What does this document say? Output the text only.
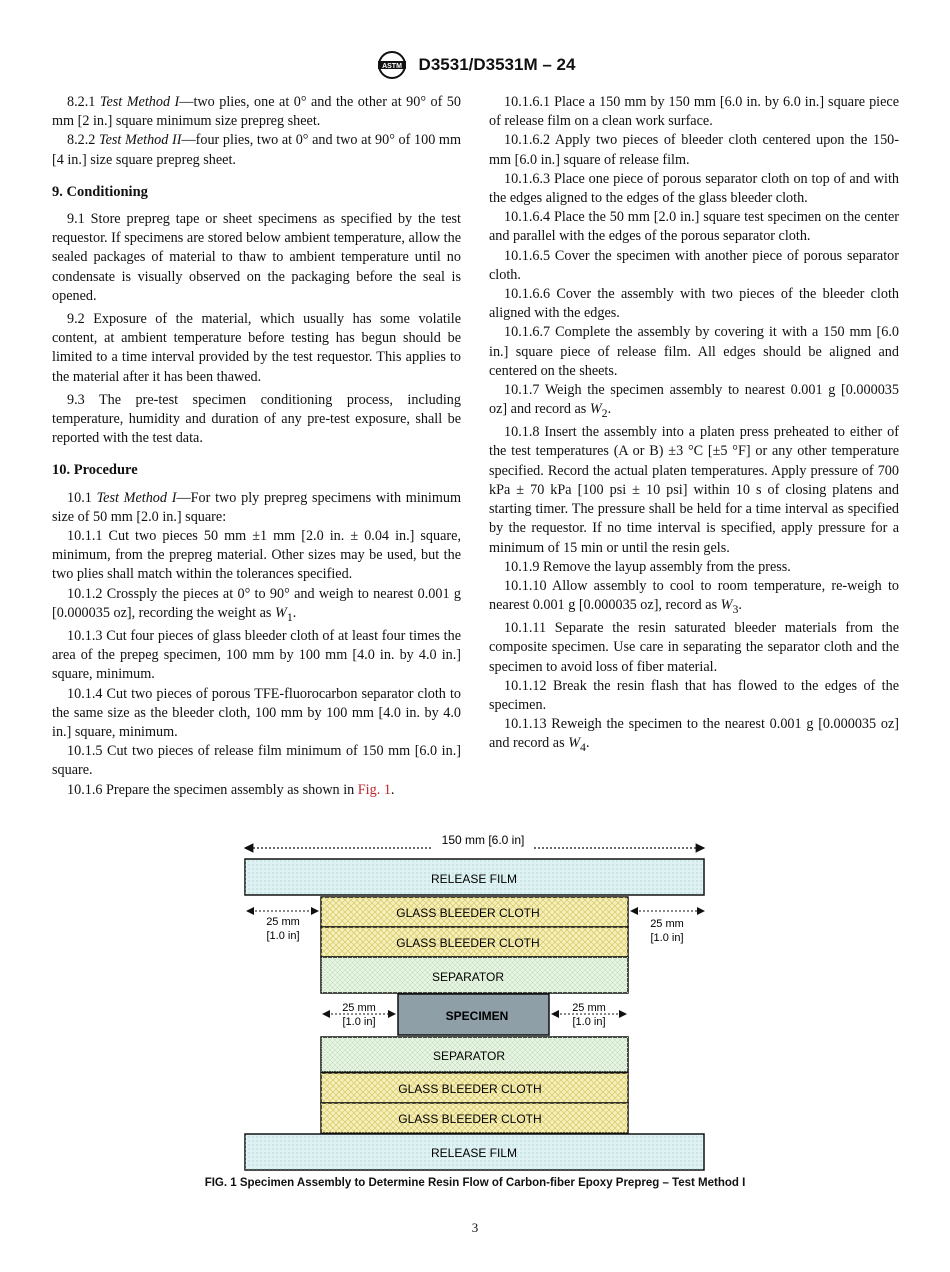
ASTM D3531/D3531M – 24

8.2.1 Test Method I—two plies, one at 0° and the other at 90° of 50 mm [2 in.] square minimum size prepreg sheet.

8.2.2 Test Method II—four plies, two at 0° and two at 90° of 100 mm [4 in.] size square prepreg sheet.

9. Conditioning

9.1 Store prepreg tape or sheet specimens as specified by the test requestor. If specimens are stored below ambient temperature, allow the sealed packages of material to thaw to ambient temperature until no condensate is visually observed on the packaging before the seal is opened.

9.2 Exposure of the material, which usually has some volatile content, at ambient temperature before testing has begun should be limited to a time interval provided by the test requestor. This applies to the material after it has been thawed.

9.3 The pre-test specimen conditioning process, including temperature, humidity and duration of any pre-test exposure, shall be reported with the test data.

10. Procedure

10.1 Test Method I—For two ply prepreg specimens with minimum size of 50 mm [2.0 in.] square:

10.1.1 Cut two pieces 50 mm ±1 mm [2.0 in. ± 0.04 in.] square, minimum, from the prepreg material. Other sizes may be used, but the two plies shall match within the tolerances specified.

10.1.2 Crossply the pieces at 0° to 90° and weigh to nearest 0.001 g [0.000035 oz], recording the weight as $W_1$.

10.1.3 Cut four pieces of glass bleeder cloth of at least four times the area of the prepeg specimen, 100 mm by 100 mm [4.0 in. by 4.0 in.] square, minimum.

10.1.4 Cut two pieces of porous TFE-fluorocarbon separator cloth to the same size as the bleeder cloth, 100 mm by 100 mm [4.0 in. by 4.0 in.] square, minimum.

10.1.5 Cut two pieces of release film minimum of 150 mm [6.0 in.] square.

10.1.6 Prepare the specimen assembly as shown in Fig. 1.

10.1.6.1 Place a 150 mm by 150 mm [6.0 in. by 6.0 in.] square piece of release film on a clean work surface.

10.1.6.2 Apply two pieces of bleeder cloth centered upon the 150- mm [6.0 in.] square of release film.

10.1.6.3 Place one piece of porous separator cloth on top of and with the edges aligned to the edges of the glass bleeder cloth.

10.1.6.4 Place the 50 mm [2.0 in.] square test specimen on the center and parallel with the edges of the porous separator cloth.

10.1.6.5 Cover the specimen with another piece of porous separator cloth.

10.1.6.6 Cover the assembly with two pieces of the bleeder cloth aligned with the edges.

10.1.6.7 Complete the assembly by covering it with a 150 mm [6.0 in.] square piece of release film. All edges should be aligned and centered on the sheets.

10.1.7 Weigh the specimen assembly to nearest 0.001 g [0.000035 oz] and record as $W_2$.

10.1.8 Insert the assembly into a platen press preheated to either of the test temperatures (A or B) ±3 °C [±5 °F] or any other temperature specified. Record the actual platen temperatures. Apply pressure of 700 kPa ± 70 kPa [100 psi ± 10 psi] within 10 s of closing platens and starting timer. The pressure shall be held for a time interval as specified by the requestor. If no time interval is specified, apply pressure for a minimum of 15 min or until the resin gels.

10.1.9 Remove the layup assembly from the press.

10.1.10 Allow assembly to cool to room temperature, re-weigh to nearest 0.001 g [0.000035 oz], record as $W_3$.

10.1.11 Separate the resin saturated bleeder materials from the composite specimen. Use care in separating the separator cloth and the specimen to avoid loss of fiber material.

10.1.12 Break the resin flash that has flowed to the edges of the specimen.

10.1.13 Reweigh the specimen to the nearest 0.001 g [0.000035 oz] and record as $W_4$.

150 mm [6.0 in]
RELEASE FILM
GLASS BLEEDER CLOTH
GLASS BLEEDER CLOTH
SEPARATOR
25 mm
[1.0 in]
25 mm
[1.0 in]
SPECIMEN
25 mm
[1.0 in]
25 mm
[1.0 in]
SEPARATOR
GLASS BLEEDER CLOTH
GLASS BLEEDER CLOTH
RELEASE FILM
FIG. 1 Specimen Assembly to Determine Resin Flow of Carbon-fiber Epoxy Prepreg – Test Method I
3
